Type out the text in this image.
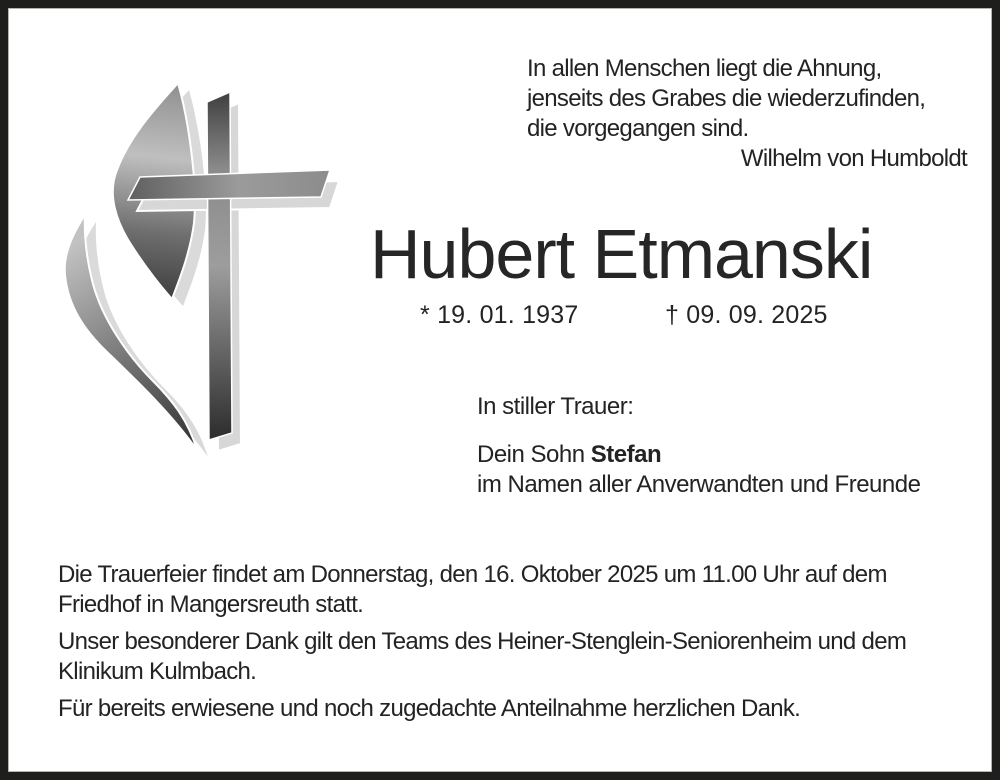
In allen Menschen liegt die Ahnung,
jenseits des Grabes die wiederzufinden,
die vorgegangen sind.
Wilhelm von Humboldt
Hubert Etmanski
* 19. 01. 1937	† 09. 09. 2025
In stiller Trauer:
Dein Sohn Stefan
im Namen aller Anverwandten und Freunde

Die Trauerfeier findet am Donnerstag, den 16. Oktober 2025 um 11.00 Uhr auf dem Friedhof in Mangersreuth statt.

Unser besonderer Dank gilt den Teams des Heiner-Stenglein-Seniorenheim und dem Klinikum Kulmbach.

Für bereits erwiesene und noch zugedachte Anteilnahme herzlichen Dank.
